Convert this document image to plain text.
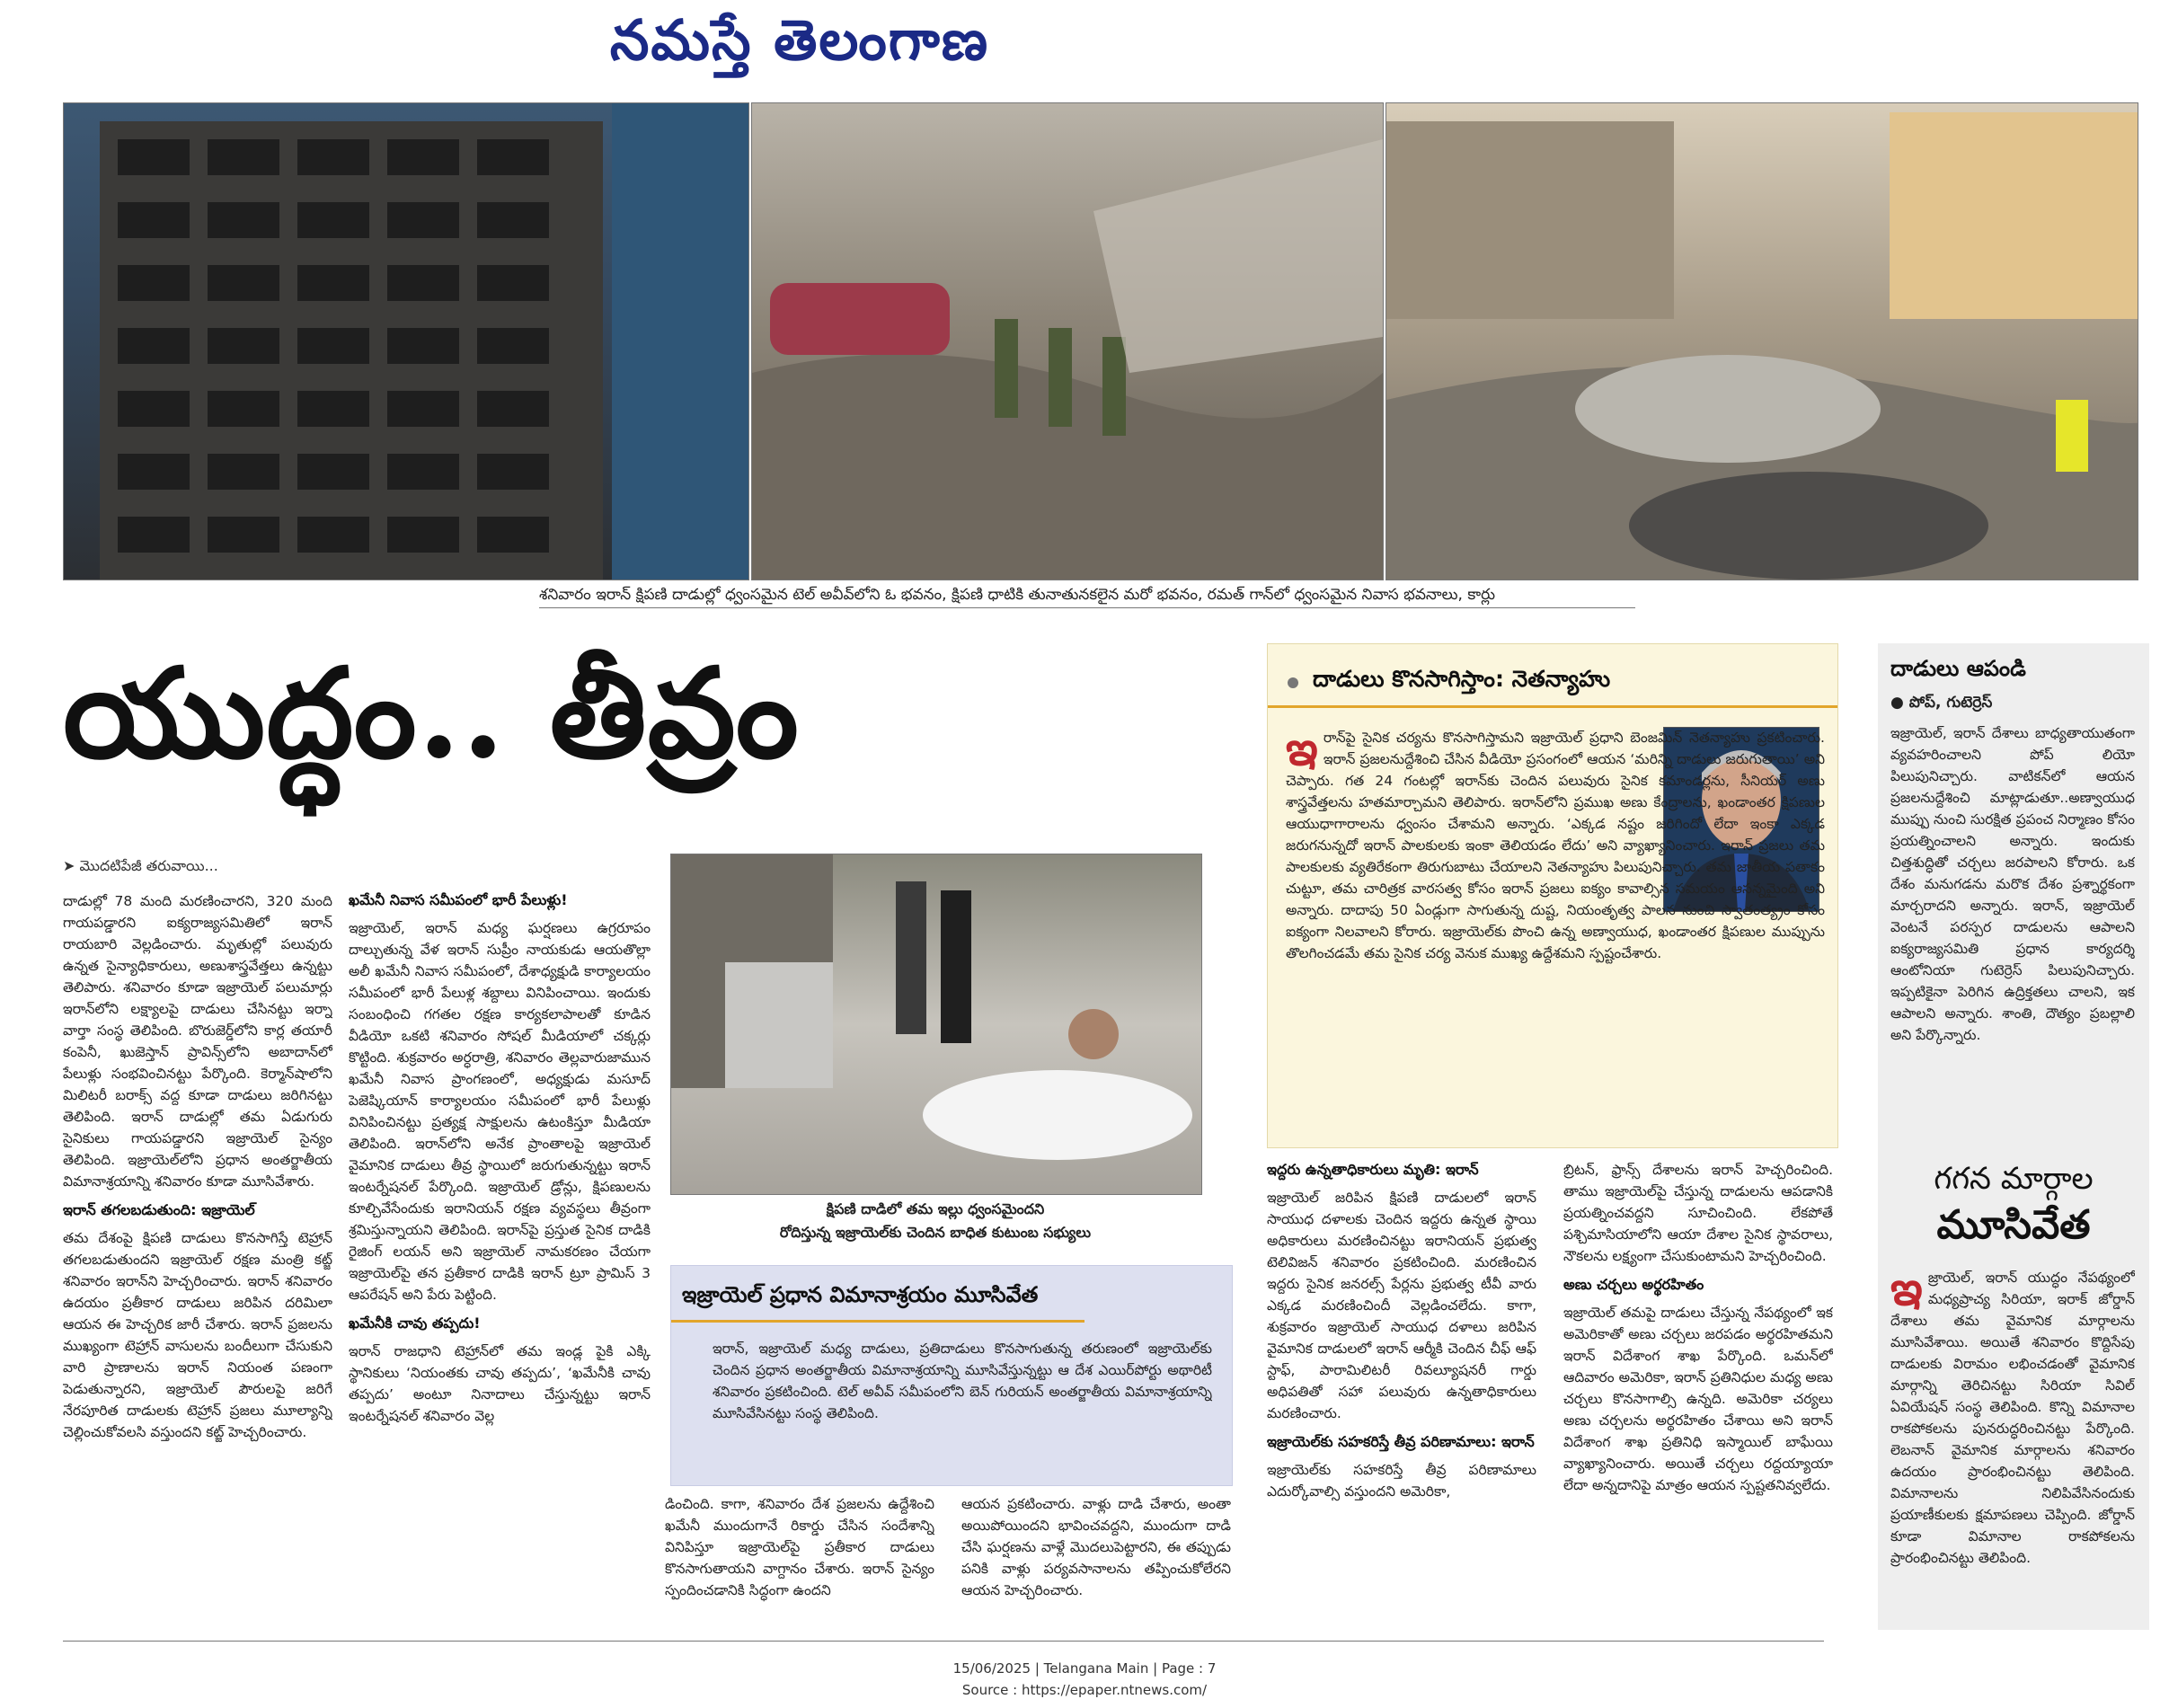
నమస్తే తెలంగాణ
శనివారం ఇరాన్ క్షిపణి దాడుల్లో ధ్వంసమైన టెల్ అవీవ్‌లోని ఓ భవనం, క్షిపణి ధాటికి తునాతునకలైన మరో భవనం, రమత్ గాన్‌లో ధ్వంసమైన నివాస భవనాలు, కార్లు
యుద్ధం.. తీవ్రం
➤ మొదటిపేజీ తరువాయి...

దాడుల్లో 78 మంది మరణించారని, 320 మంది గాయపడ్డారని ఐక్యరాజ్యసమితిలో ఇరాన్ రాయబారి వెల్లడించారు. మృతుల్లో పలువురు ఉన్నత సైన్యాధికారులు, అణుశాస్త్రవేత్తలు ఉన్నట్టు తెలిపారు. శనివారం కూడా ఇజ్రాయెల్ పలుమార్లు ఇరాన్‌లోని లక్ష్యాలపై దాడులు చేసినట్టు ఇర్నా వార్తా సంస్థ తెలిపింది. బొరుజెర్డ్‌లోని కార్ల తయారీ కంపెనీ, ఖుజెస్తాన్ ప్రావిన్స్‌లోని అబాదాన్‌లో పేలుళ్లు సంభవించినట్టు పేర్కొంది. కెర్మాన్‌షాలోని మిలిటరీ బరాక్స్ వద్ద కూడా దాడులు జరిగినట్టు తెలిపింది. ఇరాన్ దాడుల్లో తమ ఏడుగురు సైనికులు గాయపడ్డారని ఇజ్రాయెల్ సైన్యం తెలిపింది. ఇజ్రాయెల్‌లోని ప్రధాన అంతర్జాతీయ విమానాశ్రయాన్ని శనివారం కూడా మూసివేశారు.

ఇరాన్ తగలబడుతుంది: ఇజ్రాయెల్

తమ దేశంపై క్షిపణి దాడులు కొనసాగిస్తే టెహ్రాన్ తగలబడుతుందని ఇజ్రాయెల్ రక్షణ మంత్రి కట్జ్ శనివారం ఇరాన్‌ని హెచ్చరించారు. ఇరాన్ శనివారం ఉదయం ప్రతీకార దాడులు జరిపిన దరిమిలా ఆయన ఈ హెచ్చరిక జారీ చేశారు. ఇరాన్ ప్రజలను ముఖ్యంగా టెహ్రాన్ వాసులను బందీలుగా చేసుకుని వారి ప్రాణాలను ఇరాన్ నియంత పణంగా పెడుతున్నారని, ఇజ్రాయెల్ పౌరులపై జరిగే నేరపూరిత దాడులకు టెహ్రాన్ ప్రజలు మూల్యాన్ని చెల్లించుకోవలసి వస్తుందని కట్జ్ హెచ్చరించారు.

ఖమేనీ నివాస సమీపంలో భారీ పేలుళ్లు!

ఇజ్రాయెల్, ఇరాన్ మధ్య ఘర్షణలు ఉగ్రరూపం దాల్చుతున్న వేళ ఇరాన్ సుప్రీం నాయకుడు ఆయతొల్లా అలీ ఖమేనీ నివాస సమీపంలో, దేశాధ్యక్షుడి కార్యాలయం సమీపంలో భారీ పేలుళ్ల శబ్దాలు వినిపించాయి. ఇందుకు సంబంధించి గగతల రక్షణ కార్యకలాపాలతో కూడిన వీడియో ఒకటి శనివారం సోషల్ మీడియాలో చక్కర్లు కొట్టింది. శుక్రవారం అర్ధరాత్రి, శనివారం తెల్లవారుజామున ఖమేనీ నివాస ప్రాంగణంలో, అధ్యక్షుడు మసూద్ పెజెష్కియాన్ కార్యాలయం సమీపంలో భారీ పేలుళ్లు వినిపించినట్టు ప్రత్యక్ష సాక్షులను ఉటంకిస్తూ మీడియా తెలిపింది. ఇరాన్‌లోని అనేక ప్రాంతాలపై ఇజ్రాయెల్ వైమానిక దాడులు తీవ్ర స్థాయిలో జరుగుతున్నట్టు ఇరాన్ ఇంటర్నేషనల్ పేర్కొంది. ఇజ్రాయెల్ డ్రోన్లు, క్షిపణులను కూల్చివేసేందుకు ఇరానియన్ రక్షణ వ్యవస్థలు తీవ్రంగా శ్రమిస్తున్నాయని తెలిపింది. ఇరాన్‌పై ప్రస్తుత సైనిక దాడికి రైజింగ్ లయన్ అని ఇజ్రాయెల్ నామకరణం చేయగా ఇజ్రాయెల్‌పై తన ప్రతీకార దాడికి ఇరాన్ ట్రూ ప్రామిస్ 3 ఆపరేషన్ అని పేరు పెట్టింది.

ఖమేనీకి చావు తప్పదు!

ఇరాన్ రాజధాని టెహ్రాన్‌లో తమ ఇండ్ల పైకి ఎక్కి స్థానికులు ‘నియంతకు చావు తప్పదు’, ‘ఖమేనీకి చావు తప్పదు’ అంటూ నినాదాలు చేస్తున్నట్టు ఇరాన్ ఇంటర్నేషనల్ శనివారం వెల్ల

క్షిపణి దాడిలో తమ ఇల్లు ధ్వంసమైందని
రోదిస్తున్న ఇజ్రాయెల్‌కు చెందిన బాధిత కుటుంబ సభ్యులు
ఇజ్రాయెల్ ప్రధాన విమానాశ్రయం మూసివేత
ఇరాన్, ఇజ్రాయెల్ మధ్య దాడులు, ప్రతిదాడులు కొనసాగుతున్న తరుణంలో ఇజ్రాయెల్‌కు చెందిన ప్రధాన అంతర్జాతీయ విమానాశ్రయాన్ని మూసివేస్తున్నట్టు ఆ దేశ ఎయిర్‌పోర్టు అథారిటీ శనివారం ప్రకటించింది. టెల్ అవీవ్ సమీపంలోని బెన్ గురియన్ అంతర్జాతీయ విమానాశ్రయాన్ని మూసివేసినట్టు సంస్థ తెలిపింది.
డించింది. కాగా, శనివారం దేశ ప్రజలను ఉద్దేశించి ఖమేనీ ముందుగానే రికార్డు చేసిన సందేశాన్ని వినిపిస్తూ ఇజ్రాయెల్‌పై ప్రతీకార దాడులు కొనసాగుతాయని వాగ్దానం చేశారు. ఇరాన్ సైన్యం స్పందించడానికి సిద్ధంగా ఉందని
దాడులు కొనసాగిస్తాం: నెతన్యాహు
ఇరాన్‌పై సైనిక చర్యను కొనసాగిస్తామని ఇజ్రాయెల్ ప్రధాని బెంజమిన్ నెతన్యాహు ప్రకటించారు. ఇరాన్ ప్రజలనుద్దేశించి చేసిన వీడియో ప్రసంగంలో ఆయన ‘మరిన్ని దాడులు జరుగుతాయి’ అని చెప్పారు. గత 24 గంటల్లో ఇరాన్‌కు చెందిన పలువురు సైనిక కమాండర్లను, సీనియర్ అణు శాస్త్రవేత్తలను హతమార్చామని తెలిపారు. ఇరాన్‌లోని ప్రముఖ అణు కేంద్రాలను, ఖండాంతర క్షిపణుల ఆయుధాగారాలను ధ్వంసం చేశామని అన్నారు. ‘ఎక్కడ నష్టం జరిగిందో లేదా ఇంకా ఎక్కడ జరుగనున్నదో ఇరాన్ పాలకులకు ఇంకా తెలియడం లేదు’ అని వ్యాఖ్యానించారు. ఇరాన్ ప్రజలు తమ పాలకులకు వ్యతిరేకంగా తిరుగుబాటు చేయాలని నెతన్యాహు పిలుపునిచ్చారు. తమ జాతీయ పతాకం చుట్టూ, తమ చారిత్రక వారసత్వ కోసం ఇరాన్ ప్రజలు ఐక్యం కావాల్సిన సమయం ఆసన్నమైంది అని అన్నారు. దాదాపు 50 ఏండ్లుగా సాగుతున్న దుష్ట, నియంతృత్వ పాలన నుంచి స్వాతంత్య్రం కోసం ఐక్యంగా నిలవాలని కోరారు. ఇజ్రాయెల్‌కు పొంచి ఉన్న అణ్వాయుధ, ఖండాంతర క్షిపణుల ముప్పును తొలగించడమే తమ సైనిక చర్య వెనుక ముఖ్య ఉద్దేశమని స్పష్టంచేశారు.
ఇద్దరు ఉన్నతాధికారులు మృతి: ఇరాన్

ఇజ్రాయెల్ జరిపిన క్షిపణి దాడులలో ఇరాన్ సాయుధ దళాలకు చెందిన ఇద్దరు ఉన్నత స్థాయి అధికారులు మరణించినట్టు ఇరానియన్ ప్రభుత్వ టెలివిజన్ శనివారం ప్రకటించింది. మరణించిన ఇద్దరు సైనిక జనరల్స్ పేర్లను ప్రభుత్వ టీవీ వారు ఎక్కడ మరణించిందీ వెల్లడించలేదు. కాగా, శుక్రవారం ఇజ్రాయెల్ సాయుధ దళాలు జరిపిన వైమానిక దాడులలో ఇరాన్ ఆర్మీకి చెందిన చీఫ్ ఆఫ్ స్టాఫ్, పారామిలిటరీ రివల్యూషనరీ గార్డు అధిపతితో సహా పలువురు ఉన్నతాధికారులు మరణించారు.

ఇజ్రాయెల్‌కు సహకరిస్తే తీవ్ర పరిణామాలు: ఇరాన్

ఇజ్రాయెల్‌కు సహకరిస్తే తీవ్ర పరిణామాలు ఎదుర్కోవాల్సి వస్తుందని అమెరికా,

ఆయన ప్రకటించారు. వాళ్లు దాడి చేశారు, అంతా అయిపోయిందని భావించవద్దని, ముందుగా దాడి చేసి ఘర్షణను వాళ్లే మొదలుపెట్టారని, ఈ తప్పుడు పనికి వాళ్లు పర్యవసానాలను తప్పించుకోలేరని ఆయన హెచ్చరించారు.

బ్రిటన్, ఫ్రాన్స్ దేశాలను ఇరాన్ హెచ్చరించింది. తాము ఇజ్రాయెల్‌పై చేస్తున్న దాడులను ఆపడానికి ప్రయత్నించవద్దని సూచించింది. లేకపోతే పశ్చిమాసియాలోని ఆయా దేశాల సైనిక స్థావరాలు, నౌకలను లక్ష్యంగా చేసుకుంటామని హెచ్చరించింది.

అణు చర్చలు అర్థరహితం

ఇజ్రాయెల్ తమపై దాడులు చేస్తున్న నేపథ్యంలో ఇక అమెరికాతో అణు చర్చలు జరపడం అర్థరహితమని ఇరాన్ విదేశాంగ శాఖ పేర్కొంది. ఒమన్‌లో ఆదివారం అమెరికా, ఇరాన్ ప్రతినిధుల మధ్య అణు చర్చలు కొనసాగాల్సి ఉన్నది. అమెరికా చర్యలు అణు చర్చలను అర్థరహితం చేశాయి అని ఇరాన్ విదేశాంగ శాఖ ప్రతినిధి ఇస్మాయిల్ బాఘేయి వ్యాఖ్యానించారు. అయితే చర్చలు రద్దయ్యాయా లేదా అన్నదానిపై మాత్రం ఆయన స్పష్టతనివ్వలేదు.

దాడులు ఆపండి
● పోప్, గుటెర్రెస్
ఇజ్రాయెల్, ఇరాన్ దేశాలు బాధ్యతాయుతంగా వ్యవహరించాలని పోప్ లియో పిలుపునిచ్చారు. వాటికన్‌లో ఆయన ప్రజలనుద్దేశించి మాట్లాడుతూ..అణ్వాయుధ ముప్పు నుంచి సురక్షిత ప్రపంచ నిర్మాణం కోసం ప్రయత్నించాలని అన్నారు. ఇందుకు చిత్తశుద్ధితో చర్చలు జరపాలని కోరారు. ఒక దేశం మనుగడను మరొక దేశం ప్రశ్నార్థకంగా మార్చరాదని అన్నారు. ఇరాన్, ఇజ్రాయెల్ వెంటనే పరస్పర దాడులను ఆపాలని ఐక్యరాజ్యసమితి ప్రధాన కార్యదర్శి ఆంటోనియా గుటెర్రెస్ పిలుపునిచ్చారు. ఇప్పటికైనా పెరిగిన ఉద్రిక్తతలు చాలని, ఇక ఆపాలని అన్నారు. శాంతి, దౌత్యం ప్రబల్లాలి అని పేర్కొన్నారు.
గగన మార్గాల
మూసివేత
ఇజ్రాయెల్, ఇరాన్ యుద్ధం నేపథ్యంలో మధ్యప్రాచ్య సిరియా, ఇరాక్ జోర్డాన్ దేశాలు తమ వైమానిక మార్గాలను మూసివేశాయి. అయితే శనివారం కొద్దిసేపు దాడులకు విరామం లభించడంతో వైమానిక మార్గాన్ని తెరిచినట్టు సిరియా సివిల్ ఏవియేషన్ సంస్థ తెలిపింది. కొన్ని విమానాల రాకపోకలను పునరుద్ధరించినట్టు పేర్కొంది. లెబనాన్ వైమానిక మార్గాలను శనివారం ఉదయం ప్రారంభించినట్టు తెలిపింది. విమానాలను నిలిపివేసినందుకు ప్రయాణీకులకు క్షమాపణలు చెప్పింది. జోర్డాన్ కూడా విమానాల రాకపోకలను ప్రారంభించినట్టు తెలిపింది.
15/06/2025 | Telangana Main | Page : 7
Source : https://epaper.ntnews.com/
